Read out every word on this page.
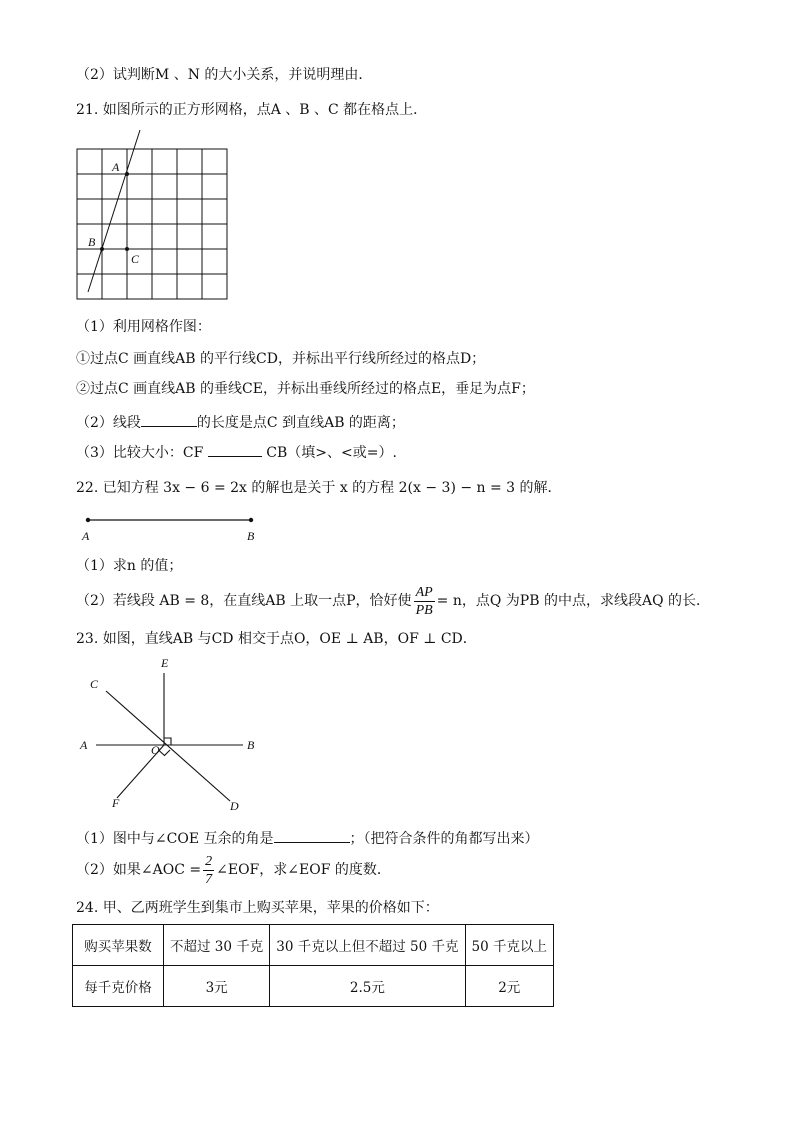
（2）试判断M 、N 的大小关系，并说明理由．
21. 如图所示的正方形网格，点A 、B 、C 都在格点上．
A
B
C
（1）利用网格作图：
①过点C 画直线AB 的平行线CD，并标出平行线所经过的格点D；
②过点C 画直线AB 的垂线CE，并标出垂线所经过的格点E，垂足为点F；
（2）线段	的长度是点C 到直线AB 的距离；
（3）比较大小：CF	CB（填>、<或=）.
22. 已知方程 3x − 6 = 2x 的解也是关于 x 的方程 2(x − 3) − n = 3 的解．
A	B
（1）求n 的值；
（2）若线段 AB = 8，在直线AB 上取一点P，恰好使 $\frac{AP}{PB} = n$，点Q 为PB 的中点，求线段AQ 的长．
23. 如图，直线AB 与CD 相交于点O，OE ⊥ AB，OF ⊥ CD．
E
C
A	O	B
F	D
（1）图中与∠COE 互余的角是	；（把符合条件的角都写出来）
（2）如果∠AOC = $\frac{2}{7}$ ∠EOF，求∠EOF 的度数．
24. 甲、乙两班学生到集市上购买苹果，苹果的价格如下：
购买苹果数	不超过 30 千克	30 千克以上但不超过 50 千克	50 千克以上
每千克价格	3元	2.5元	2元
